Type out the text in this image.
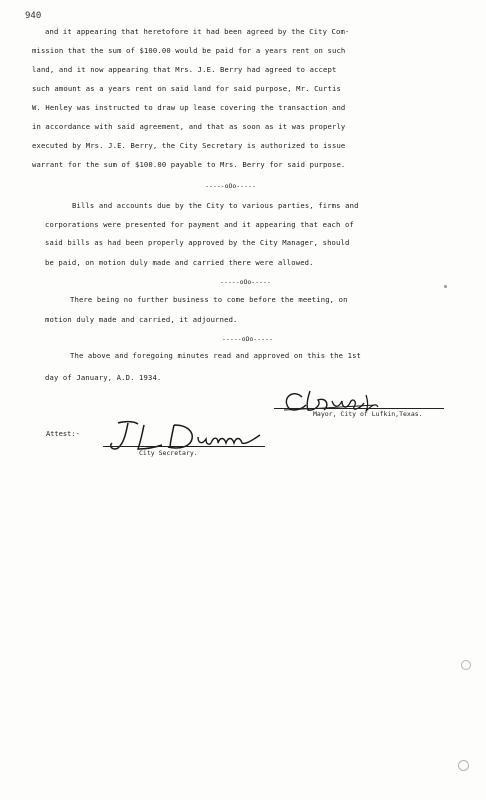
940
and it appearing that heretofore it had been agreed by the City Com-
mission that the sum of $100.00 would be paid for a years rent on such
land, and it now appearing that Mrs. J.E. Berry had agreed to accept
such amount as a years rent on said land for said purpose, Mr. Curtis
W. Henley was instructed to draw up lease covering the transaction and
in accordance with said agreement, and that as soon as it was properly
executed by Mrs. J.E. Berry, the City Secretary is authorized to issue
warrant for the sum of $100.00 payable to Mrs. Berry for said purpose.
-----oOo-----
Bills and accounts due by the City to various parties, firms and
corporations were presented for payment and it appearing that each of
said bills as had been properly approved by the City Manager, should
be paid, on motion duly made and carried there were allowed.
-----oOo-----
There being no further business to come before the meeting, on
motion duly made and carried, it adjourned.
-----oOo-----
The above and foregoing minutes read and approved on this the 1st
day of January, A.D. 1934.
Mayor, City of Lufkin,Texas.
Attest:-
City Secretary.
